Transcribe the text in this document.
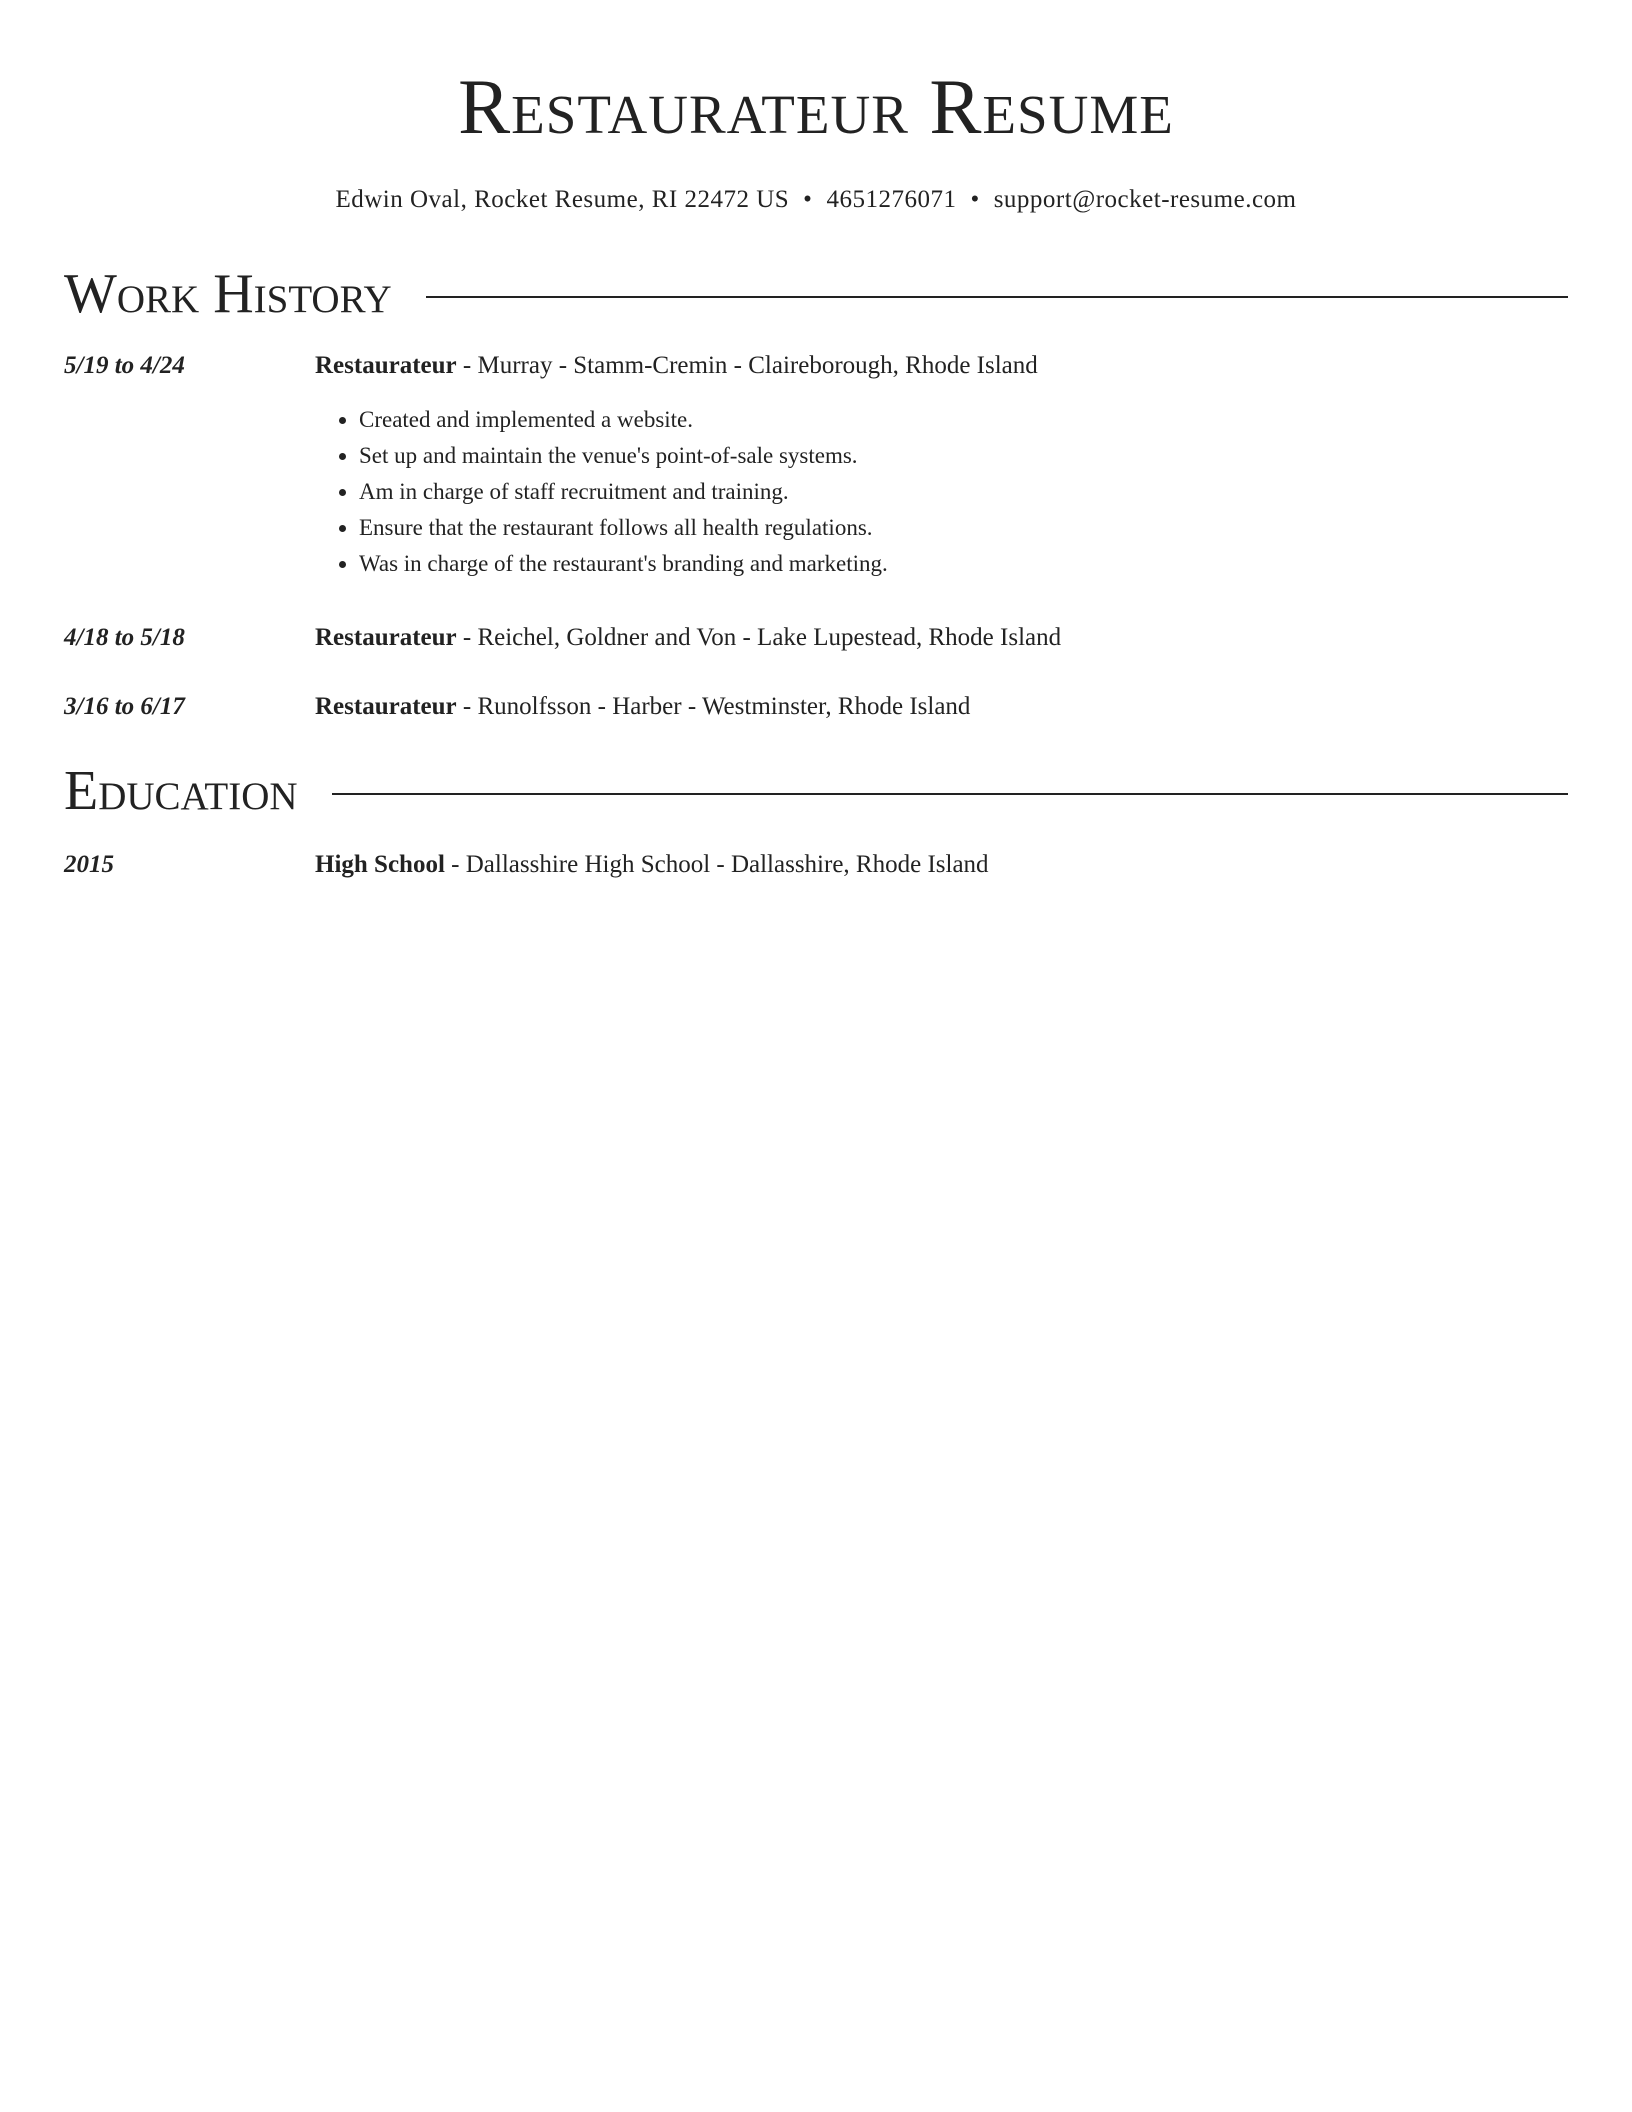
Restaurateur Resume
Edwin Oval, Rocket Resume, RI 22472 US • 4651276071 • support@rocket-resume.com
Work History
5/19 to 4/24	Restaurateur - Murray - Stamm-Cremin - Claireborough, Rhode Island
• Created and implemented a website.
• Set up and maintain the venue's point-of-sale systems.
• Am in charge of staff recruitment and training.
• Ensure that the restaurant follows all health regulations.
• Was in charge of the restaurant's branding and marketing.
4/18 to 5/18	Restaurateur - Reichel, Goldner and Von - Lake Lupestead, Rhode Island
3/16 to 6/17	Restaurateur - Runolfsson - Harber - Westminster, Rhode Island
Education
2015	High School - Dallasshire High School - Dallasshire, Rhode Island
